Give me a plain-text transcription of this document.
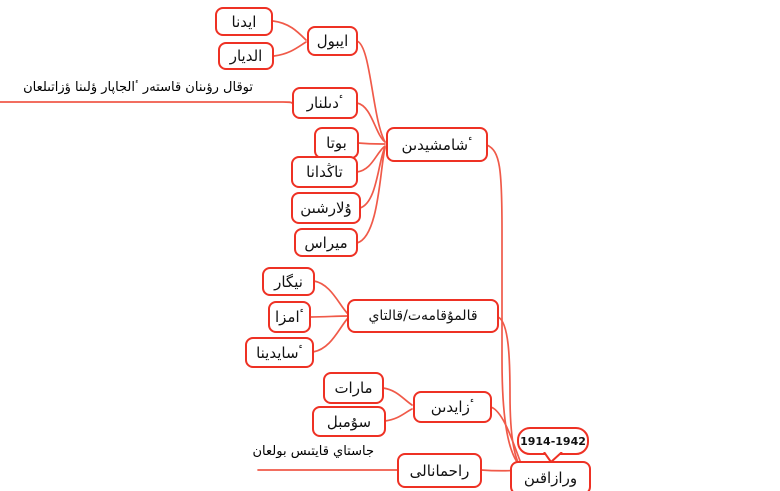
توقال رؤىنان قاستەر ٴالجاپار ؤلىنا ؤزاتىلعان
جاستاي قايتىس بولعان
ايدنا
الديار
ايبول
ٴدىلنار
بوتا
تاڭدانا
ۇلارشىن
ميراس
ٴشامشيدىن
نيگار
ٴامزا
ٴسايدينا
قالمۇقامەت/قالتاي
مارات
سۇمبل
ٴزايدىن
راحمانالى	ورازاقىن
1914-1942
